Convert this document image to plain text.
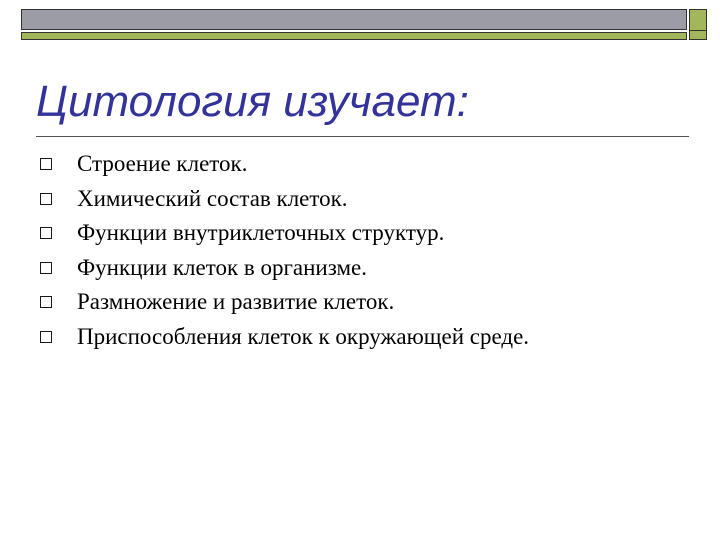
Цитология изучает:
Строение клеток.
Химический состав клеток.
Функции внутриклеточных структур.
Функции клеток в организме.
Размножение и развитие клеток.
Приспособления клеток к окружающей среде.
